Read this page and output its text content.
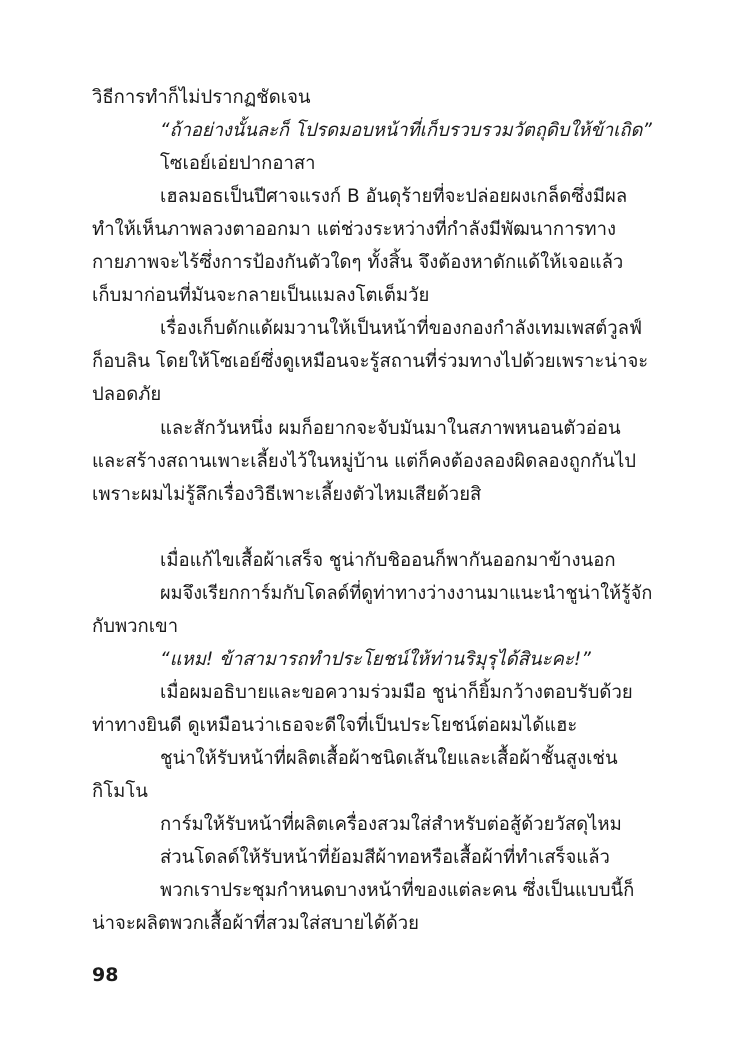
วิธีการทำก็ไม่ปรากฏชัดเจน
“ถ้าอย่างนั้นละก็ โปรดมอบหน้าที่เก็บรวบรวมวัตถุดิบให้ข้าเถิด”
โซเอย์เอ่ยปากอาสา
เฮลมอธเป็นปีศาจแรงก์ B อันดุร้ายที่จะปล่อยผงเกล็ดซึ่งมีผล
ทำให้เห็นภาพลวงตาออกมา แต่ช่วงระหว่างที่กำลังมีพัฒนาการทาง
กายภาพจะไร้ซึ่งการป้องกันตัวใดๆ ทั้งสิ้น จึงต้องหาดักแด้ให้เจอแล้ว
เก็บมาก่อนที่มันจะกลายเป็นแมลงโตเต็มวัย
เรื่องเก็บดักแด้ผมวานให้เป็นหน้าที่ของกองกำลังเทมเพสต์วูลฟ์
ก็อบลิน โดยให้โซเอย์ซึ่งดูเหมือนจะรู้สถานที่ร่วมทางไปด้วยเพราะน่าจะ
ปลอดภัย
และสักวันหนึ่ง ผมก็อยากจะจับมันมาในสภาพหนอนตัวอ่อน
และสร้างสถานเพาะเลี้ยงไว้ในหมู่บ้าน แต่ก็คงต้องลองผิดลองถูกกันไป
เพราะผมไม่รู้ลึกเรื่องวิธีเพาะเลี้ยงตัวไหมเสียด้วยสิ
เมื่อแก้ไขเสื้อผ้าเสร็จ ชูน่ากับชิออนก็พากันออกมาข้างนอก
ผมจึงเรียกการ์มกับโดลด์ที่ดูท่าทางว่างงานมาแนะนำชูน่าให้รู้จัก
กับพวกเขา
“แหม! ข้าสามารถทำประโยชน์ให้ท่านริมุรุได้สินะคะ!”
เมื่อผมอธิบายและขอความร่วมมือ ชูน่าก็ยิ้มกว้างตอบรับด้วย
ท่าทางยินดี ดูเหมือนว่าเธอจะดีใจที่เป็นประโยชน์ต่อผมได้แฮะ
ชูน่าให้รับหน้าที่ผลิตเสื้อผ้าชนิดเส้นใยและเสื้อผ้าชั้นสูงเช่น
กิโมโน
การ์มให้รับหน้าที่ผลิตเครื่องสวมใส่สำหรับต่อสู้ด้วยวัสดุไหม
ส่วนโดลด์ให้รับหน้าที่ย้อมสีผ้าทอหรือเสื้อผ้าที่ทำเสร็จแล้ว
พวกเราประชุมกำหนดบางหน้าที่ของแต่ละคน ซึ่งเป็นแบบนี้ก็
น่าจะผลิตพวกเสื้อผ้าที่สวมใส่สบายได้ด้วย
98
